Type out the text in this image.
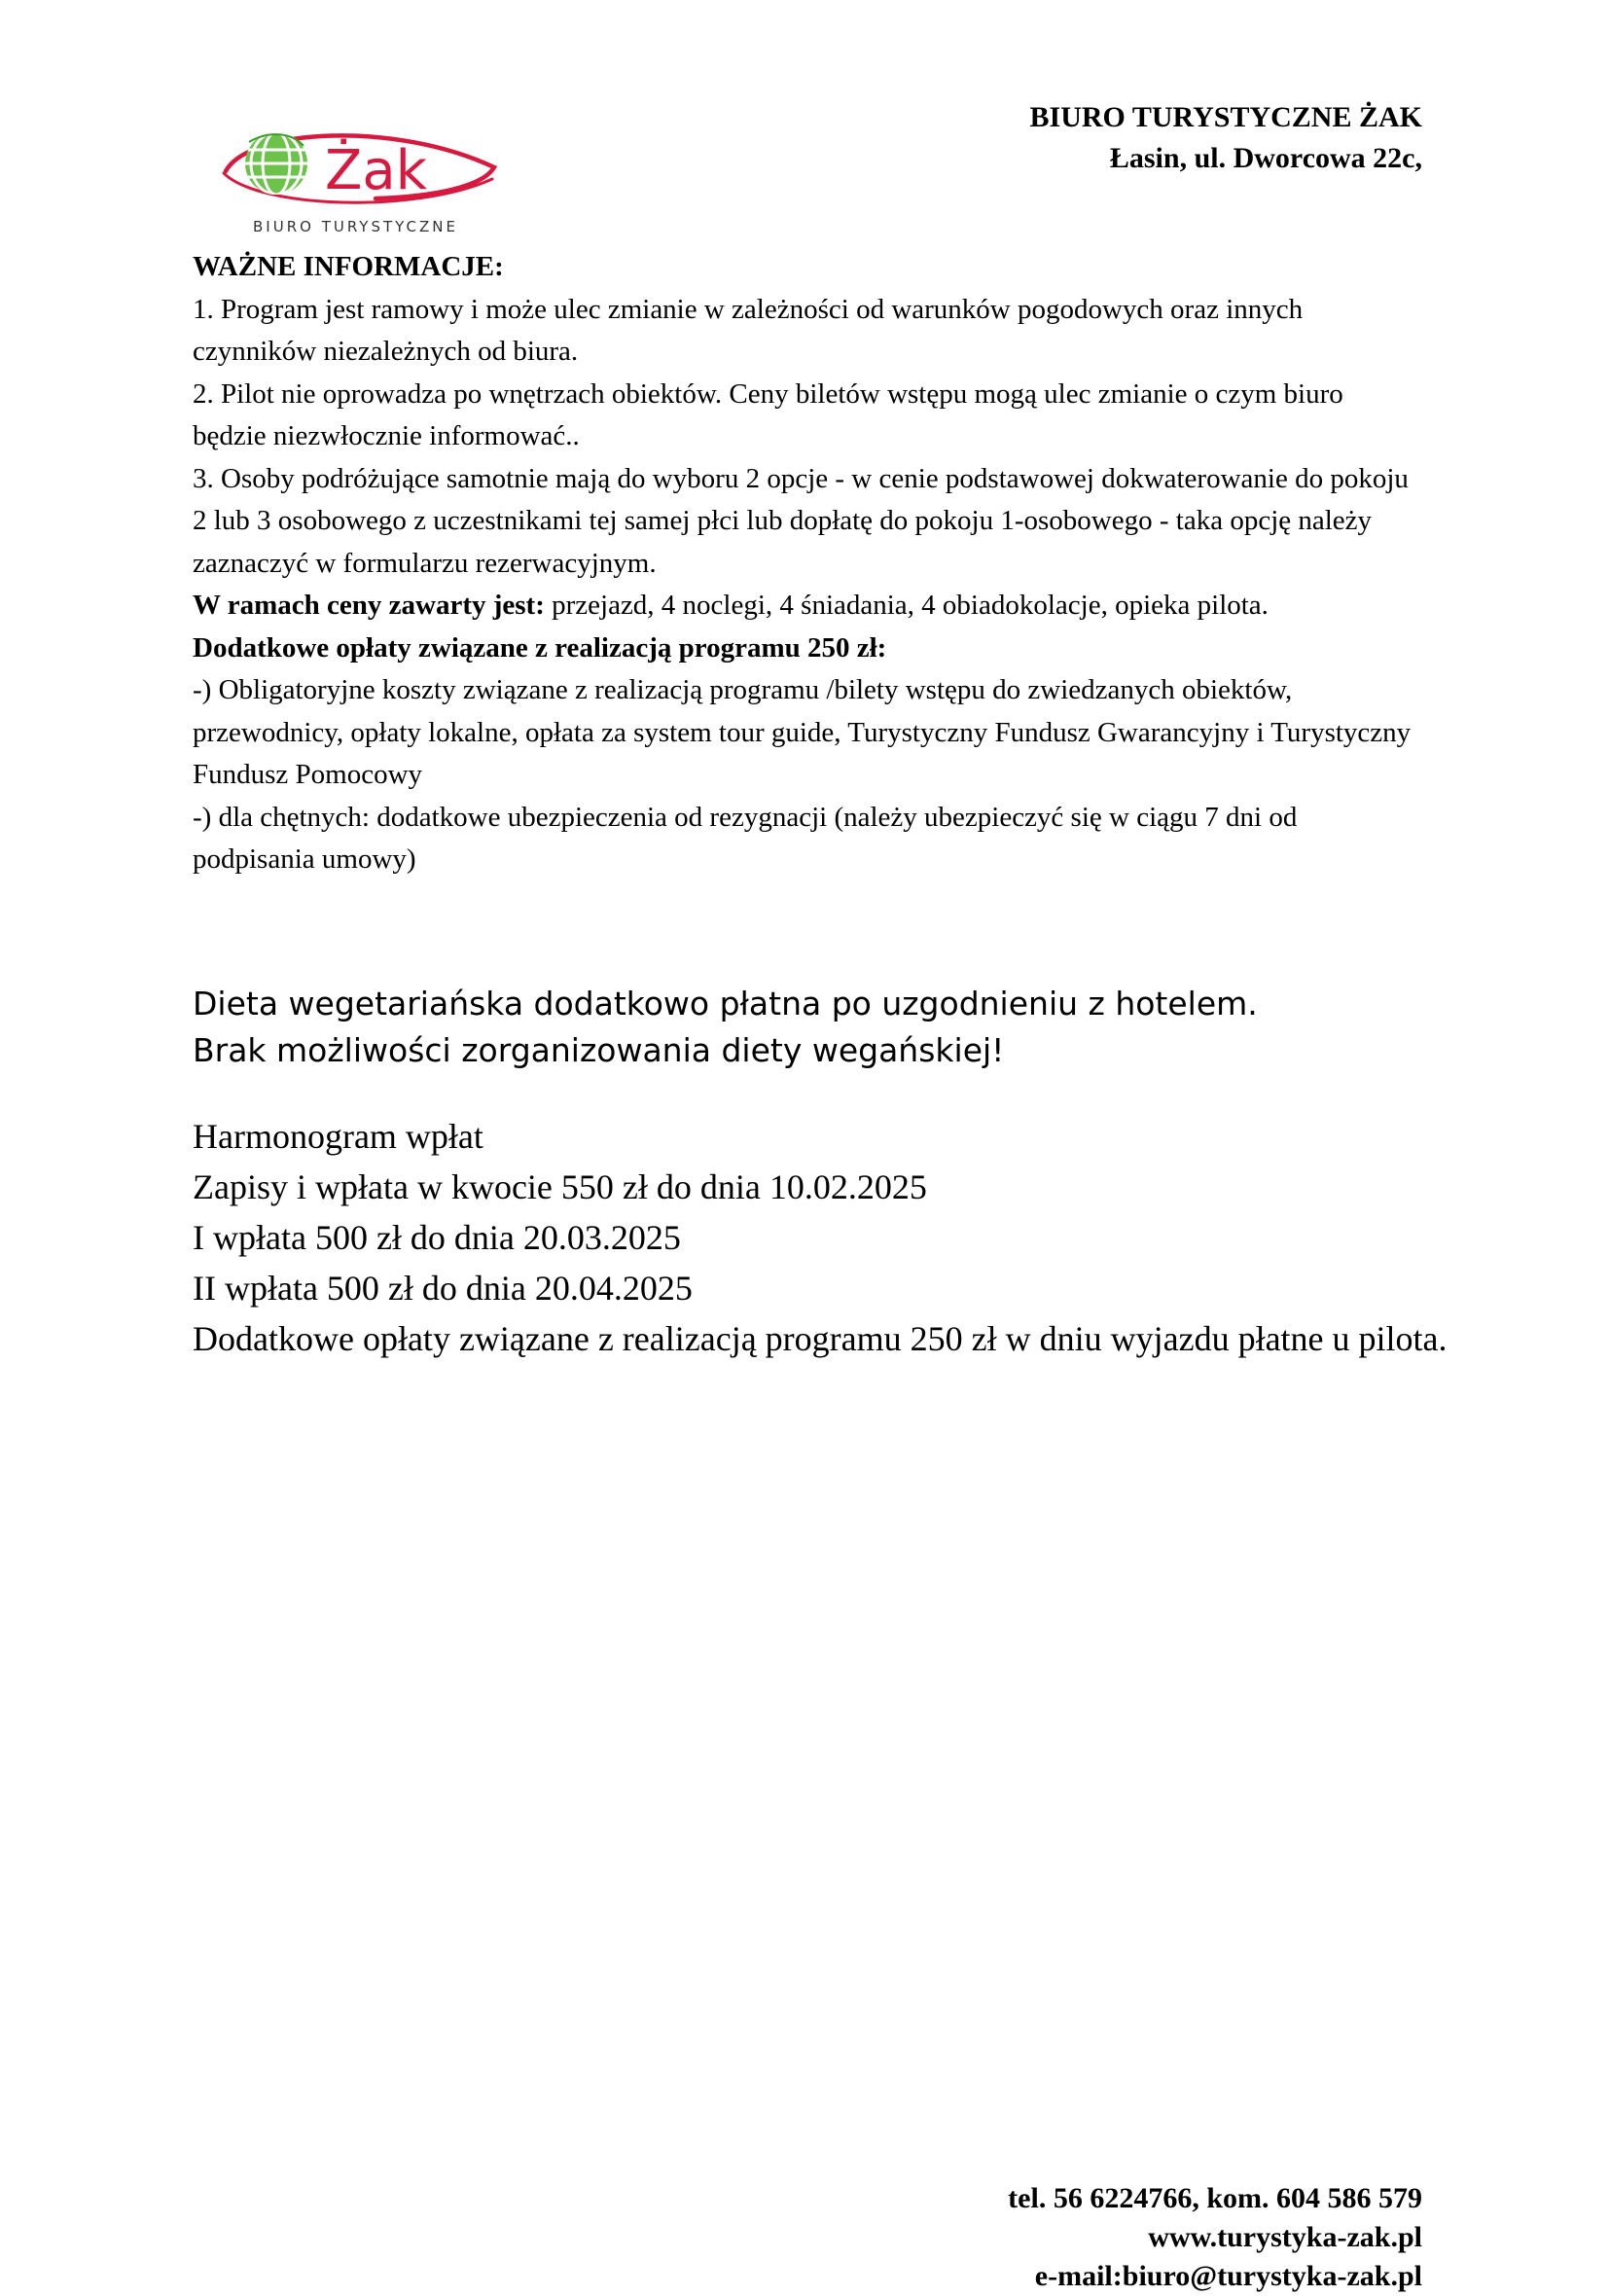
BIURO TURYSTYCZNE ŻAK
Łasin, ul. Dworcowa 22c,
Żak
BIURO TURYSTYCZNE

WAŻNE INFORMACJE:

1. Program jest ramowy i może ulec zmianie w zależności od warunków pogodowych oraz innych czynników niezależnych od biura.

2. Pilot nie oprowadza po wnętrzach obiektów. Ceny biletów wstępu mogą ulec zmianie o czym biuro będzie niezwłocznie informować..

3. Osoby podróżujące samotnie mają do wyboru 2 opcje - w cenie podstawowej dokwaterowanie do pokoju 2 lub 3 osobowego z uczestnikami tej samej płci lub dopłatę do pokoju 1-osobowego - taka opcję należy zaznaczyć w formularzu rezerwacyjnym.

W ramach ceny zawarty jest: przejazd, 4 noclegi, 4 śniadania, 4 obiadokolacje, opieka pilota.

Dodatkowe opłaty związane z realizacją programu 250 zł:

-) Obligatoryjne koszty związane z realizacją programu /bilety wstępu do zwiedzanych obiektów, przewodnicy, opłaty lokalne, opłata za system tour guide, Turystyczny Fundusz Gwarancyjny i Turystyczny Fundusz Pomocowy

-) dla chętnych: dodatkowe ubezpieczenia od rezygnacji (należy ubezpieczyć się w ciągu 7 dni od podpisania umowy)

Dieta wegetariańska dodatkowo płatna po uzgodnieniu z hotelem.

Brak możliwości zorganizowania diety wegańskiej!

Harmonogram wpłat

Zapisy i wpłata w kwocie 550 zł do dnia 10.02.2025

I wpłata 500 zł do dnia 20.03.2025

II wpłata 500 zł do dnia 20.04.2025

Dodatkowe opłaty związane z realizacją programu 250 zł w dniu wyjazdu płatne u pilota.

tel. 56 6224766, kom. 604 586 579
www.turystyka-zak.pl
e-mail:biuro@turystyka-zak.pl
